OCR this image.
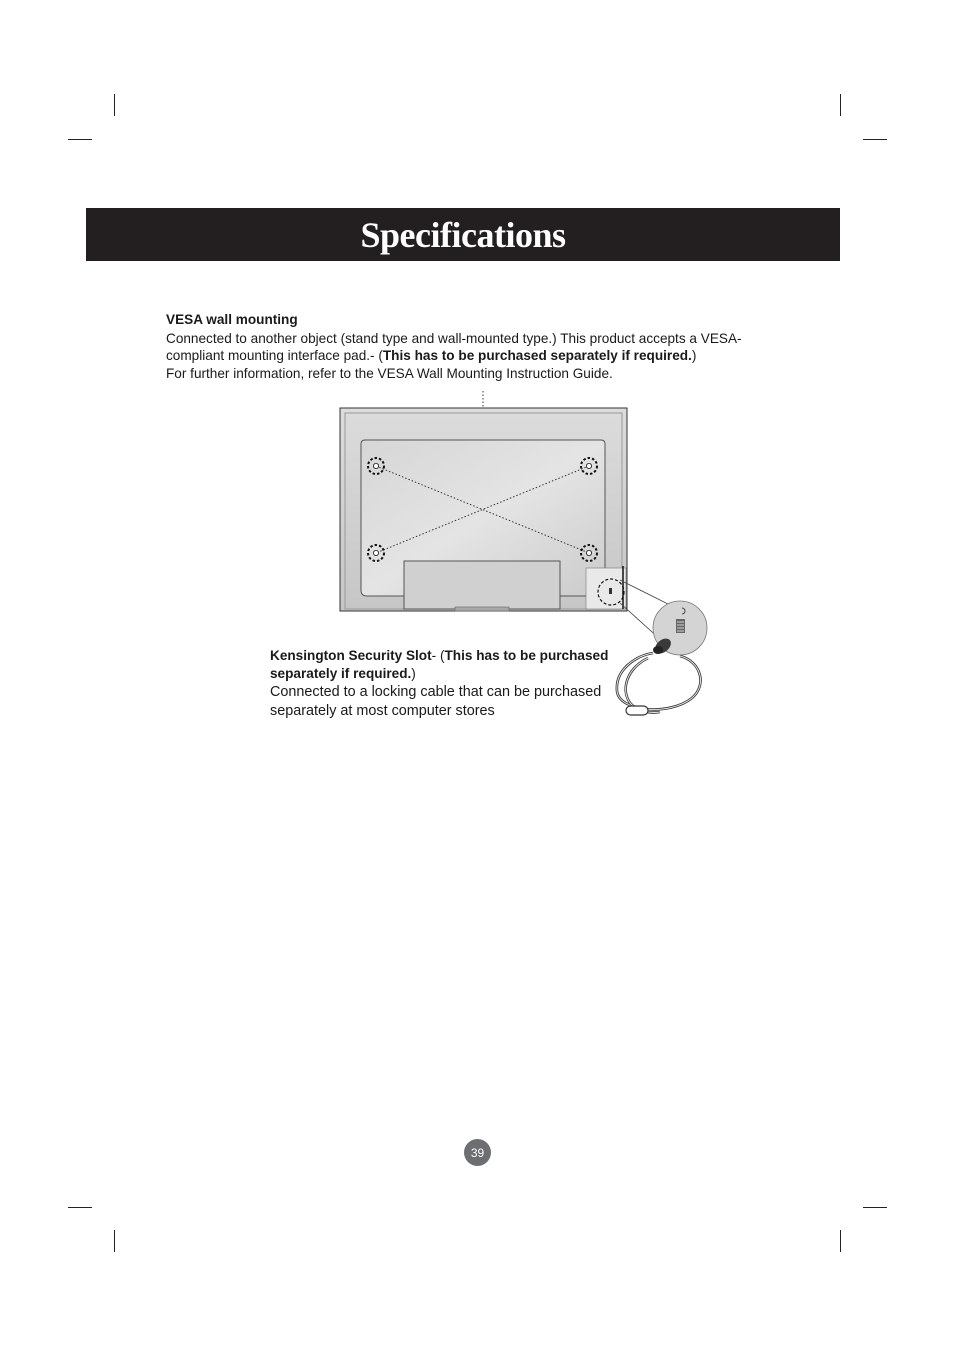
Specifications
VESA wall mounting

Connected to another object (stand type and wall-mounted type.) This product accepts a VESA-

compliant mounting interface pad.- (This has to be purchased separately if required.)

For further information, refer to the VESA Wall Mounting Instruction Guide.

Kensington Security Slot- (This has to be purchased

separately if required.)

Connected to a locking cable that can be purchased

separately at most computer stores

39
